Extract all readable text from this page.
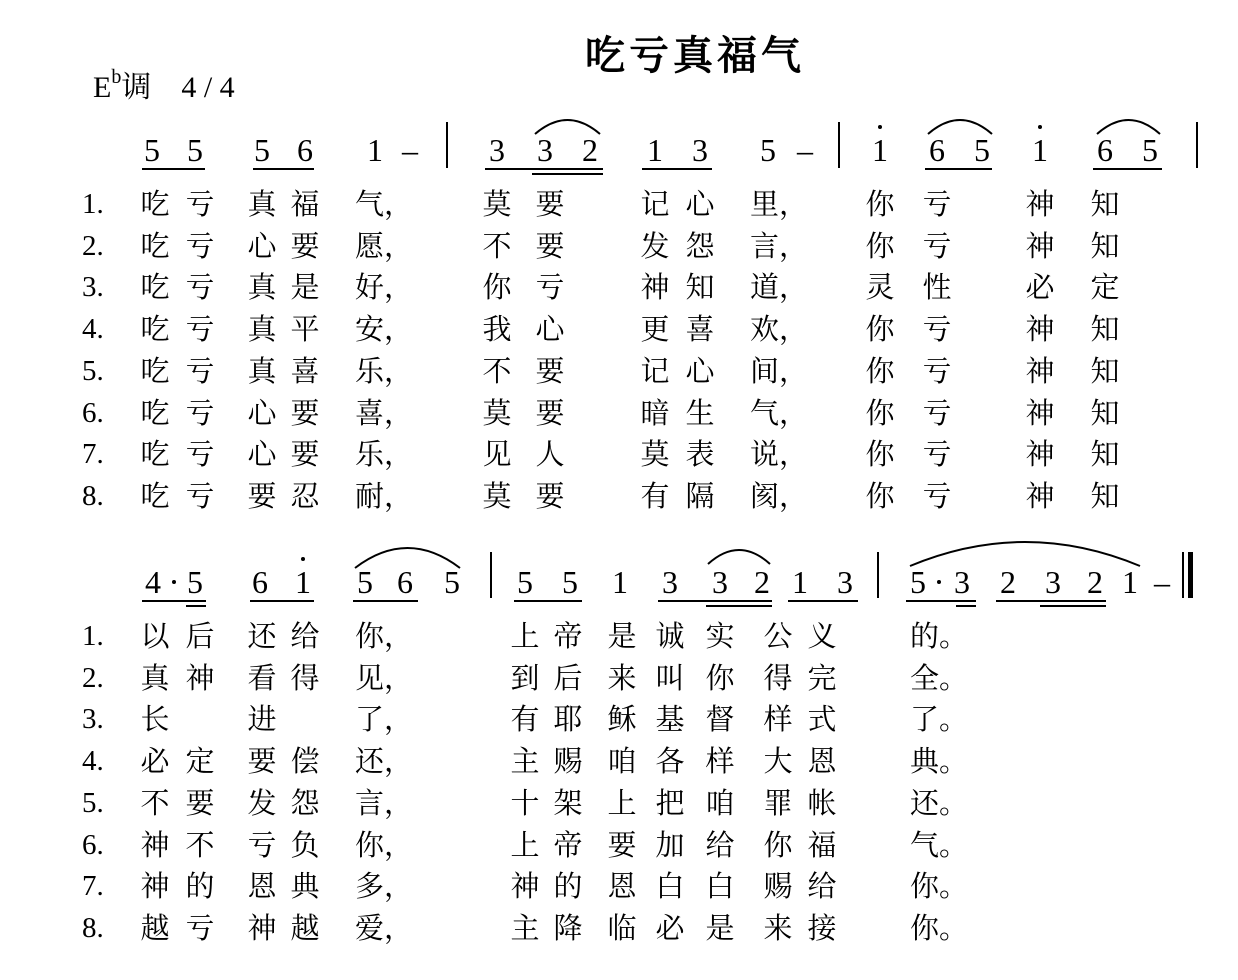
吃亏真福气
$E^b$调 4 / 4
5 5 5 6 1 – 3 3 2 1 3 5 – 1 6 5 1 6 5
4 5 6 1 5 6 5 5 5 1 3 3 2 1 3 5 3 2 3 2 1 –
1. 吃 亏 真 福 气， 莫 要	记 心 里， 你 亏	神 知
2. 吃 亏 心 要 愿， 不 要	发 怨 言， 你 亏	神 知
3. 吃 亏 真 是 好， 你 亏	神 知 道， 灵 性	必 定
4. 吃 亏 真 平 安， 我 心	更 喜 欢， 你 亏	神 知
5. 吃 亏 真 喜 乐， 不 要	记 心 间， 你 亏	神 知
6. 吃 亏 心 要 喜， 莫 要	暗 生 气， 你 亏	神 知
7. 吃 亏 心 要 乐， 见 人	莫 表 说， 你 亏	神 知
8. 吃 亏 要 忍 耐， 莫 要	有 隔 阂， 你 亏	神 知
1. 以 后 还 给 你，	上 帝 是 诚 实 公 义	的。
2. 真 神 看 得 见，	到 后 来 叫 你 得 完	全。
3. 长	进	了，	有 耶 稣 基 督 样 式	了。
4. 必 定 要 偿 还，	主 赐 咱 各 样 大 恩	典。
5. 不 要 发 怨 言，	十 架 上 把 咱 罪 帐	还。
6. 神 不 亏 负 你，	上 帝 要 加 给 你 福	气。
7. 神 的 恩 典 多，	神 的 恩 白 白 赐 给	你。
8. 越 亏 神 越 爱，	主 降 临 必 是 来 接	你。
